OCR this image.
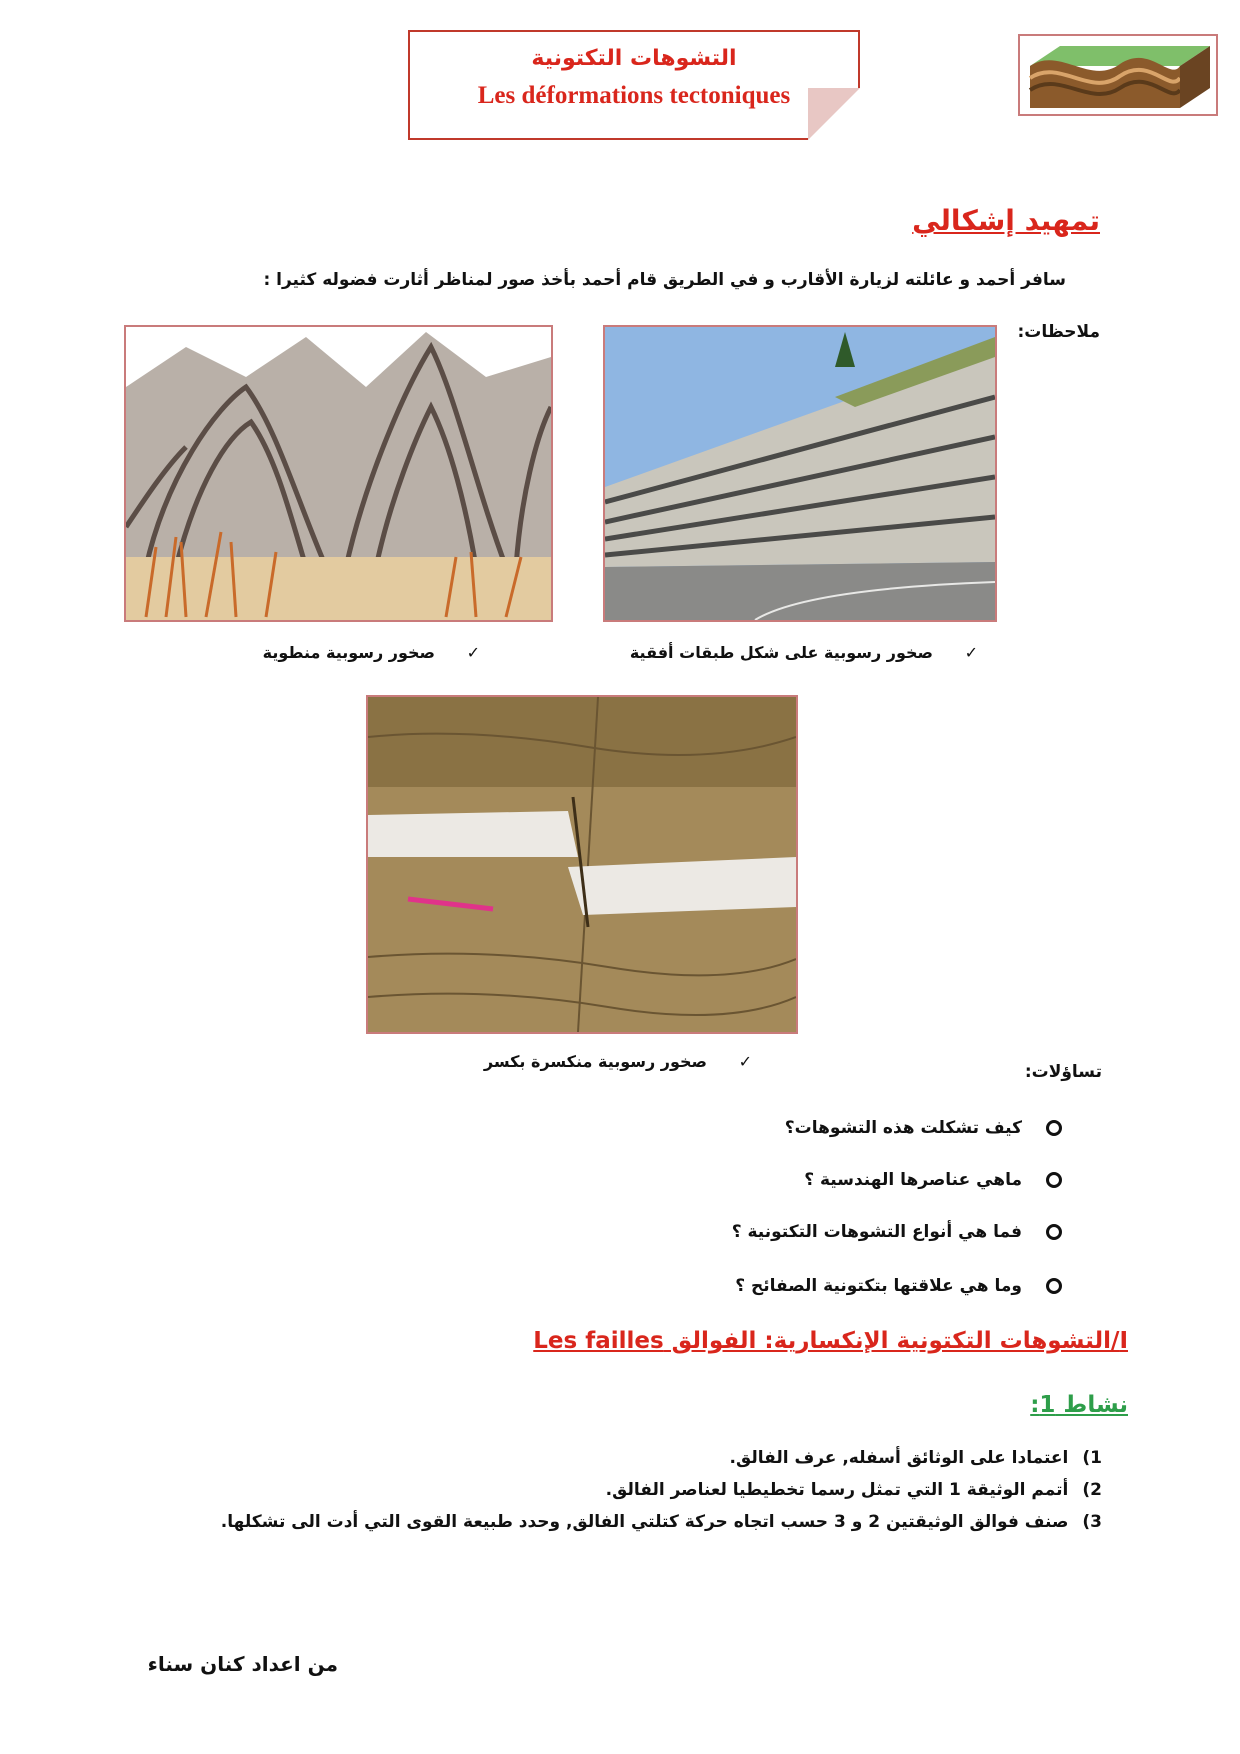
التشوهات التكتونية
Les déformations tectoniques
تمهيد إشكالي
سافر أحمد و عائلته لزيارة الأقارب و في الطريق قام أحمد بأخذ صور لمناظر أثارت فضوله كثيرا :
ملاحظات:
✓ صخور رسوبية على شكل طبقات أفقية
✓ صخور رسوبية منطوية
✓ صخور رسوبية منكسرة بكسر
تساؤلات:
كيف تشكلت هذه التشوهات؟
ماهي عناصرها الهندسية ؟
فما هي أنواع التشوهات التكتونية ؟
وما هي علاقتها بتكتونية الصفائح ؟
I/التشوهات التكتونية الإنكسارية: الفوالق Les failles
نشاط 1:
1)اعتمادا على الوثائق أسفله, عرف الفالق.
2)أتمم الوثيقة 1 التي تمثل رسما تخطيطيا لعناصر الفالق.
3)صنف فوالق الوثيقتين 2 و 3 حسب اتجاه حركة كتلتي الفالق, وحدد طبيعة القوى التي أدت الى تشكلها.
من اعداد كنان سناء
